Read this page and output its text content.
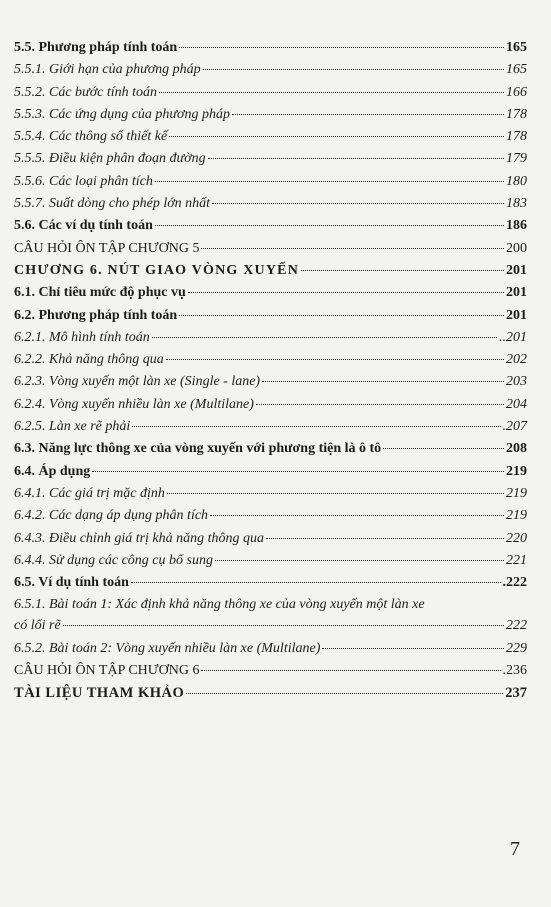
5.5. Phương pháp tính toán	165
5.5.1. Giới hạn của phương pháp	165
5.5.2. Các bước tính toán	166
5.5.3. Các ứng dụng của phương pháp	178
5.5.4. Các thông số thiết kế	178
5.5.5. Điều kiện phân đoạn đường	179
5.5.6. Các loại phân tích	180
5.5.7. Suất dòng cho phép lớn nhất	183
5.6. Các ví dụ tính toán	186
CÂU HỎI ÔN TẬP CHƯƠNG 5	200
CHƯƠNG 6. NÚT GIAO VÒNG XUYẾN	201
6.1. Chỉ tiêu mức độ phục vụ	201
6.2. Phương pháp tính toán	201
6.2.1. Mô hình tính toán	..201
6.2.2. Khả năng thông qua	202
6.2.3. Vòng xuyến một làn xe (Single - lane)	203
6.2.4. Vòng xuyến nhiều làn xe (Multilane)	204
6.2.5. Làn xe rẽ phải	.207
6.3. Năng lực thông xe của vòng xuyến với phương tiện là ô tô	208
6.4. Áp dụng	219
6.4.1. Các giá trị mặc định	219
6.4.2. Các dạng áp dụng phân tích	219
6.4.3. Điều chỉnh giá trị khả năng thông qua	220
6.4.4. Sử dụng các công cụ bổ sung	221
6.5. Ví dụ tính toán	.222
6.5.1. Bài toán 1: Xác định khả năng thông xe của vòng xuyến một làn xe
có lối rẽ	222
6.5.2. Bài toán 2: Vòng xuyến nhiều làn xe (Multilane)	229
CÂU HỎI ÔN TẬP CHƯƠNG 6	.236
TÀI LIỆU THAM KHẢO	237
7
